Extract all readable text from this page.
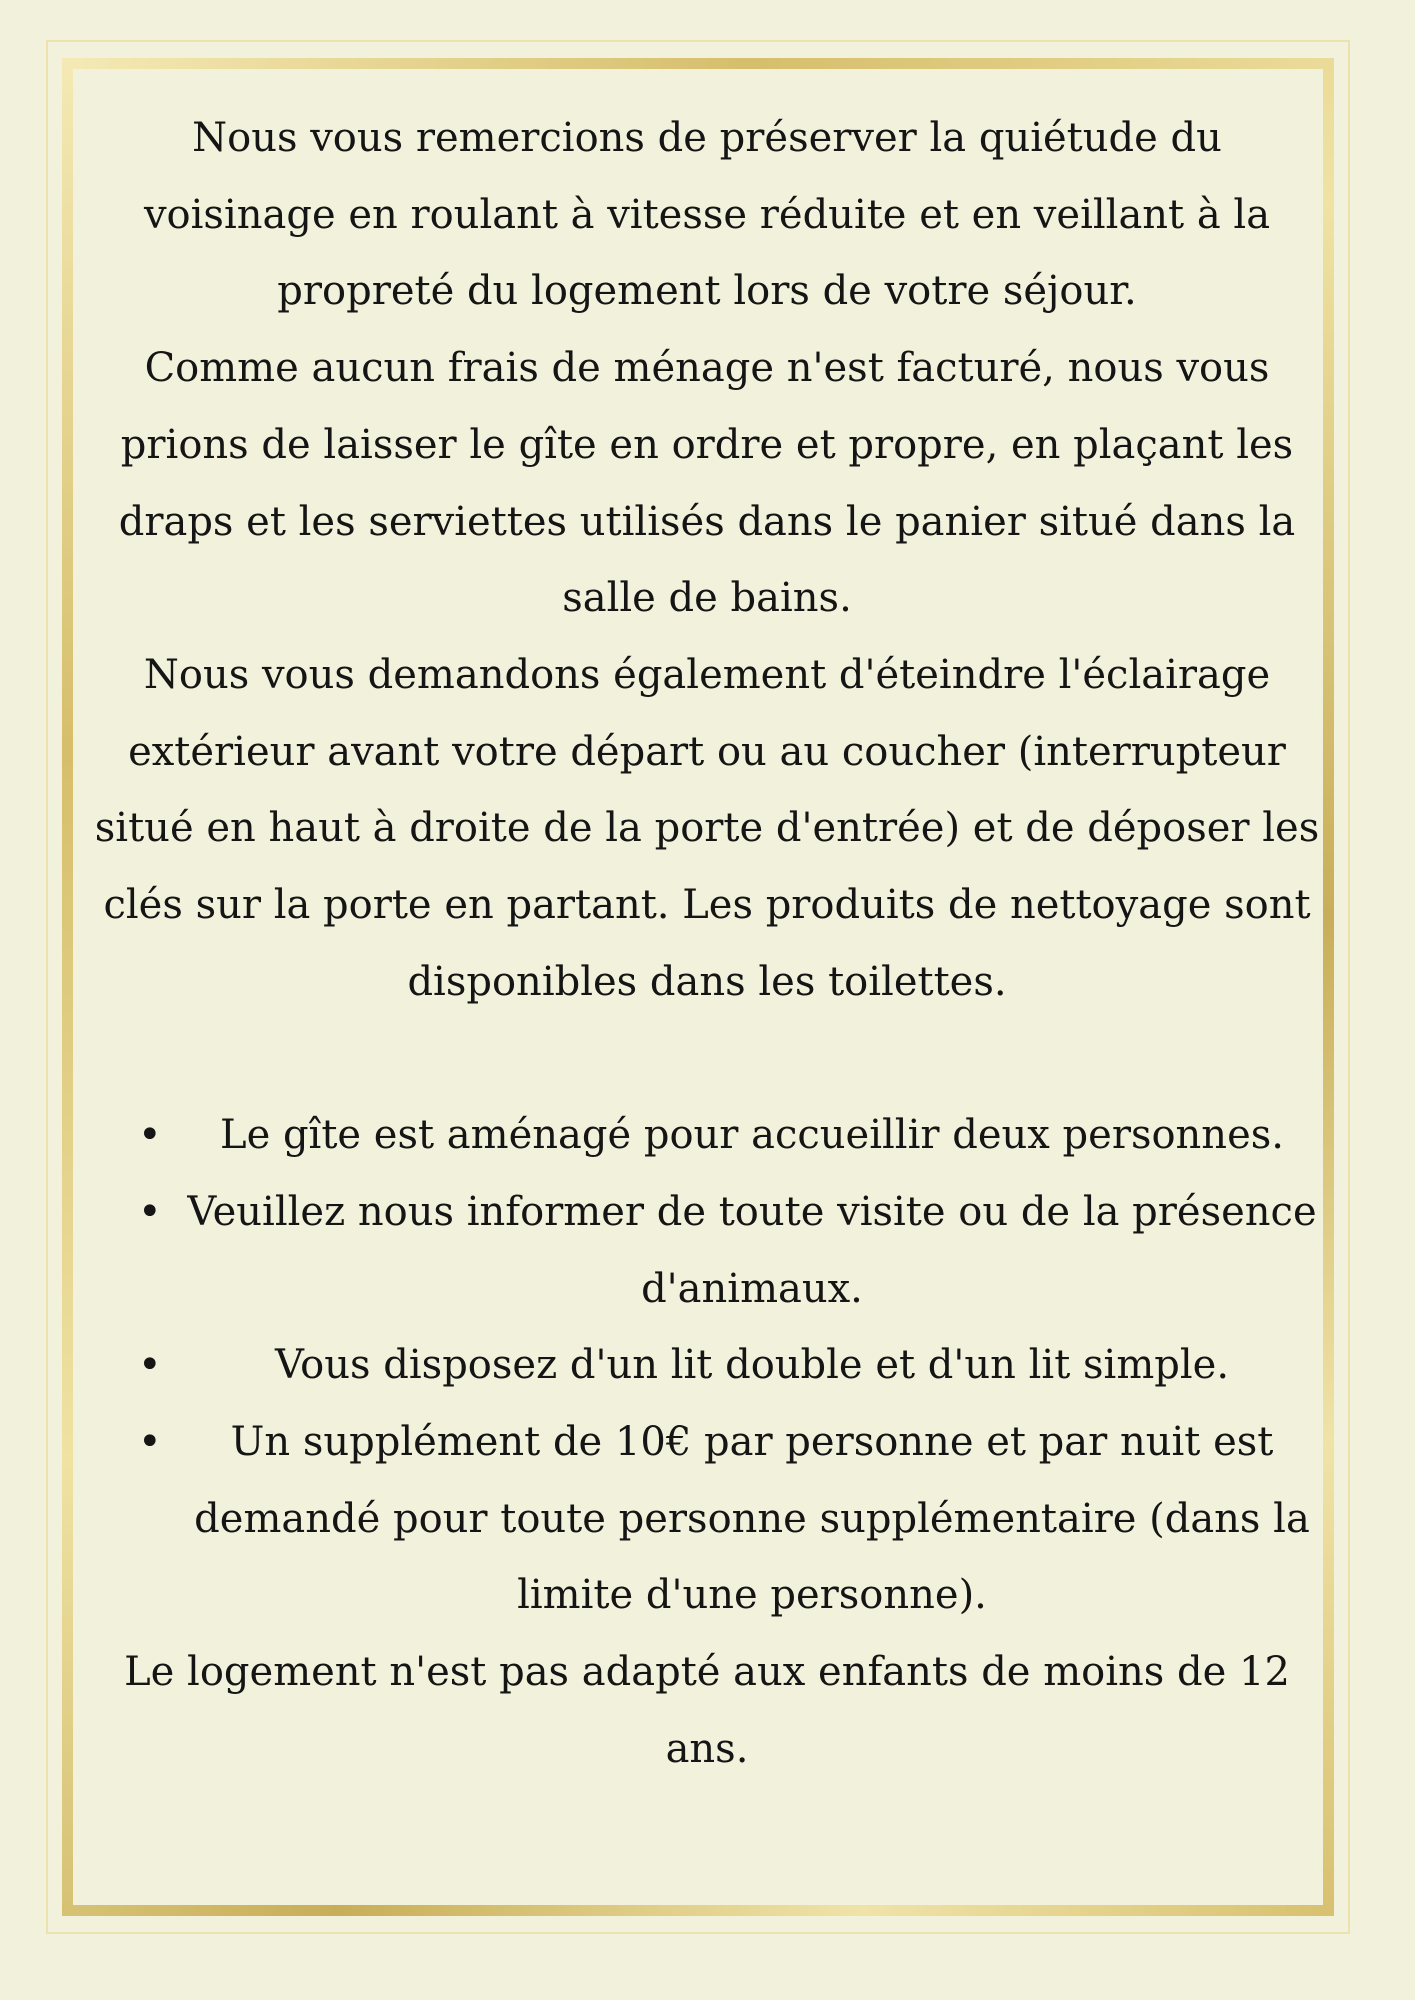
Nous vous remercions de préserver la quiétude du voisinage en roulant à vitesse réduite et en veillant à la propreté du logement lors de votre séjour.

Comme aucun frais de ménage n'est facturé, nous vous prions de laisser le gîte en ordre et propre, en plaçant les draps et les serviettes utilisés dans le panier situé dans la salle de bains.

Nous vous demandons également d'éteindre l'éclairage extérieur avant votre départ ou au coucher (interrupteur situé en haut à droite de la porte d'entrée) et de déposer les clés sur la porte en partant. Les produits de nettoyage sont disponibles dans les toilettes.

• Le gîte est aménagé pour accueillir deux personnes.
• Veuillez nous informer de toute visite ou de la présence d'animaux.
•	Vous disposez d'un lit double et d'un lit simple.
• Un supplément de 10€ par personne et par nuit est demandé pour toute personne supplémentaire (dans la limite d'une personne).

Le logement n'est pas adapté aux enfants de moins de 12 ans.
